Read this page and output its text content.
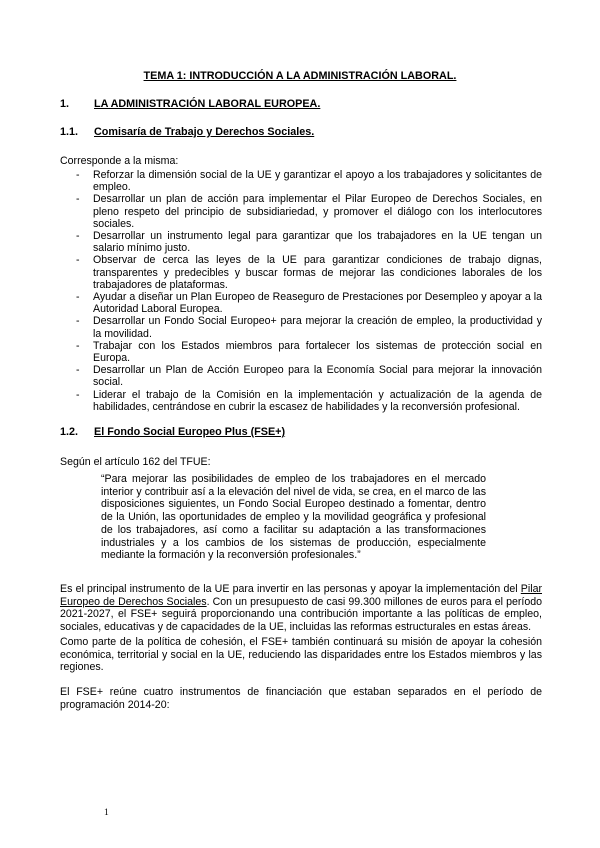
TEMA 1: INTRODUCCIÓN A LA ADMINISTRACIÓN LABORAL.
1. LA ADMINISTRACIÓN LABORAL EUROPEA.
1.1. Comisaría de Trabajo y Derechos Sociales.
Corresponde a la misma:
- Reforzar la dimensión social de la UE y garantizar el apoyo a los trabajadores y solicitantes de empleo.
- Desarrollar un plan de acción para implementar el Pilar Europeo de Derechos Sociales, en pleno respeto del principio de subsidiariedad, y promover el diálogo con los interlocutores sociales.
- Desarrollar un instrumento legal para garantizar que los trabajadores en la UE tengan un salario mínimo justo.
- Observar de cerca las leyes de la UE para garantizar condiciones de trabajo dignas, transparentes y predecibles y buscar formas de mejorar las condiciones laborales de los trabajadores de plataformas.
- Ayudar a diseñar un Plan Europeo de Reaseguro de Prestaciones por Desempleo y apoyar a la Autoridad Laboral Europea.
- Desarrollar un Fondo Social Europeo+ para mejorar la creación de empleo, la productividad y la movilidad.
- Trabajar con los Estados miembros para fortalecer los sistemas de protección social en Europa.
- Desarrollar un Plan de Acción Europeo para la Economía Social para mejorar la innovación social.
- Liderar el trabajo de la Comisión en la implementación y actualización de la agenda de habilidades, centrándose en cubrir la escasez de habilidades y la reconversión profesional.
1.2. El Fondo Social Europeo Plus (FSE+)
Según el artículo 162 del TFUE:
“Para mejorar las posibilidades de empleo de los trabajadores en el mercado interior y contribuir así a la elevación del nivel de vida, se crea, en el marco de las disposiciones siguientes, un Fondo Social Europeo destinado a fomentar, dentro de la Unión, las oportunidades de empleo y la movilidad geográfica y profesional de los trabajadores, así como a facilitar su adaptación a las transformaciones industriales y a los cambios de los sistemas de producción, especialmente mediante la formación y la reconversión profesionales.”
Es el principal instrumento de la UE para invertir en las personas y apoyar la implementación del Pilar Europeo de Derechos Sociales. Con un presupuesto de casi 99.300 millones de euros para el período 2021-2027, el FSE+ seguirá proporcionando una contribución importante a las políticas de empleo, sociales, educativas y de capacidades de la UE, incluidas las reformas estructurales en estas áreas.
Como parte de la política de cohesión, el FSE+ también continuará su misión de apoyar la cohesión económica, territorial y social en la UE, reduciendo las disparidades entre los Estados miembros y las regiones.
El FSE+ reúne cuatro instrumentos de financiación que estaban separados en el período de programación 2014-20:
1
